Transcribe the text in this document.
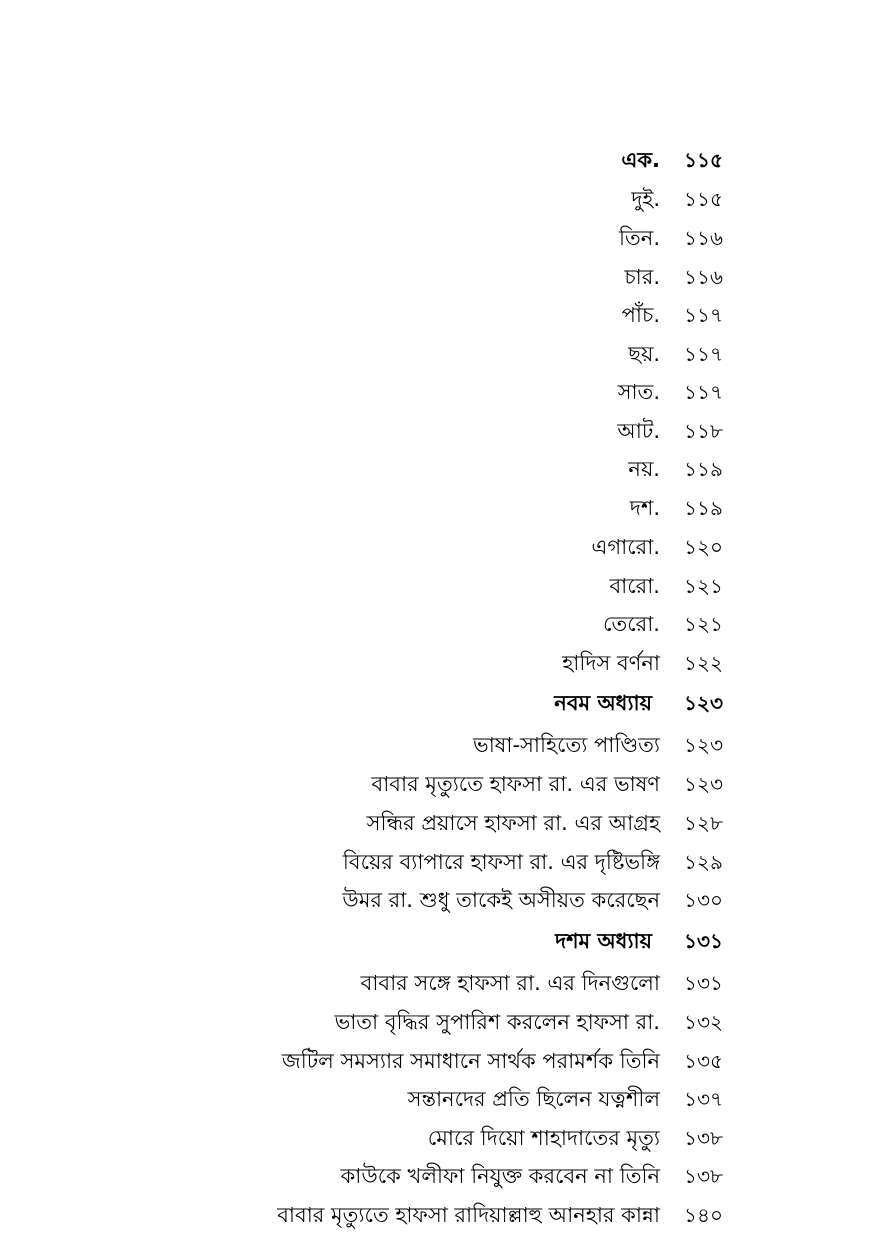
এক. ১১৫
দুই. ১১৫
তিন. ১১৬
চার. ১১৬
পাঁচ. ১১৭
ছয়. ১১৭
সাত. ১১৭
আট. ১১৮
নয়. ১১৯
দশ. ১১৯
এগারো. ১২০
বারো. ১২১
তেরো. ১২১
হাদিস বর্ণনা ১২২
নবম অধ্যায় ১২৩
ভাষা-সাহিত্যে পাণ্ডিত্য ১২৩
বাবার মৃত্যুতে হাফসা রা. এর ভাষণ ১২৩
সন্ধির প্রয়াসে হাফসা রা. এর আগ্রহ ১২৮
বিয়ের ব্যাপারে হাফসা রা. এর দৃষ্টিভঙ্গি ১২৯
উমর রা. শুধু তাকেই অসীয়ত করেছেন ১৩০
দশম অধ্যায় ১৩১
বাবার সঙ্গে হাফসা রা. এর দিনগুলো ১৩১
ভাতা বৃদ্ধির সুপারিশ করলেন হাফসা রা. ১৩২
জটিল সমস্যার সমাধানে সার্থক পরামর্শক তিনি ১৩৫
সন্তানদের প্রতি ছিলেন যত্নশীল ১৩৭
মোরে দিয়ো শাহাদাতের মৃত্যু ১৩৮
কাউকে খলীফা নিযুক্ত করবেন না তিনি ১৩৮
বাবার মৃত্যুতে হাফসা রাদিয়াল্লাহু আনহার কান্না ১৪০
